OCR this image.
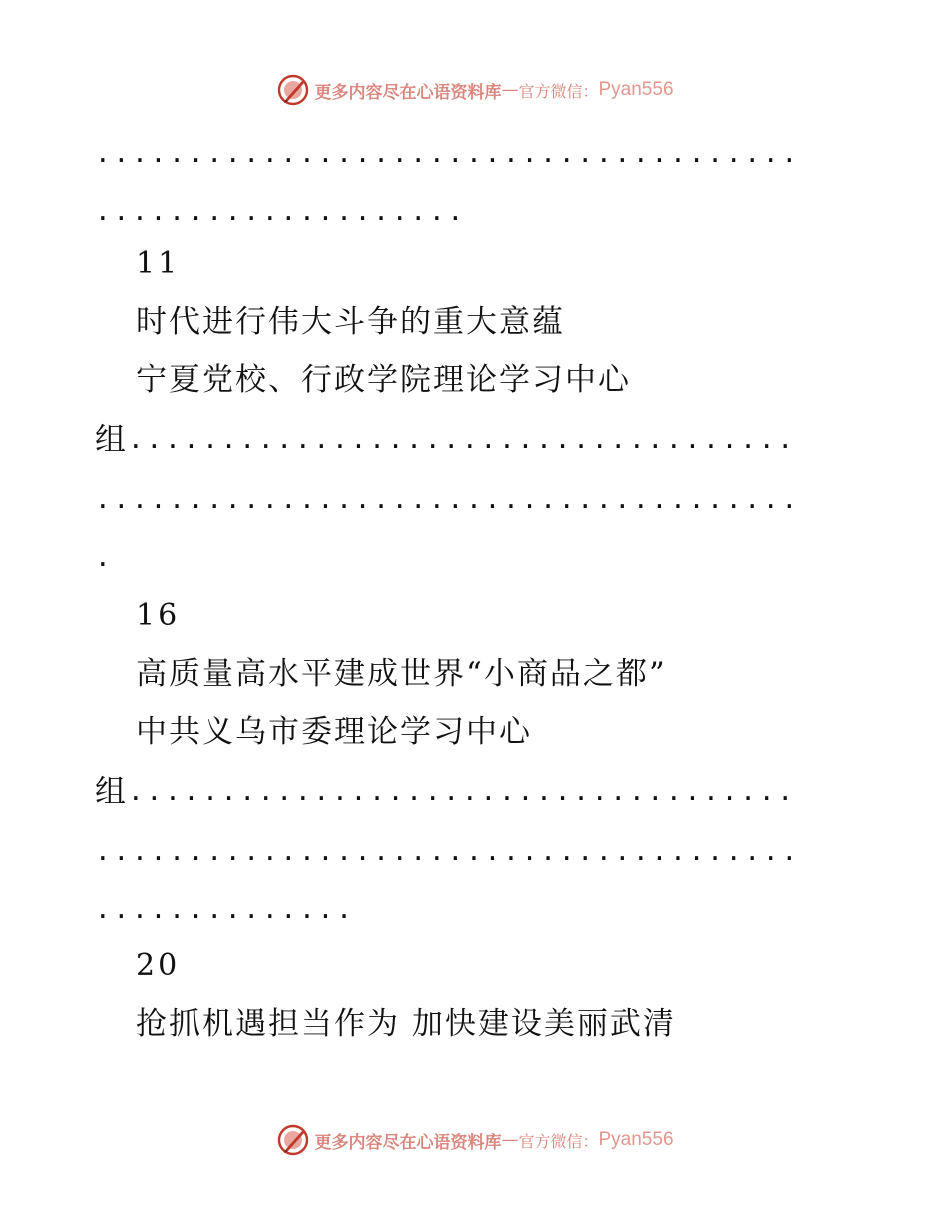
更多内容尽在心语资料库 — 官方微信： Pyan556
......................................
....................
11
时代进行伟大斗争的重大意蕴
宁夏党校、行政学院理论学习中心
组 ....................................
......................................
.
16
高质量高水平建成世界“小商品之都”
中共义乌市委理论学习中心
组 ....................................
......................................
..............
20
抢抓机遇担当作为 加快建设美丽武清
更多内容尽在心语资料库 — 官方微信： Pyan556
